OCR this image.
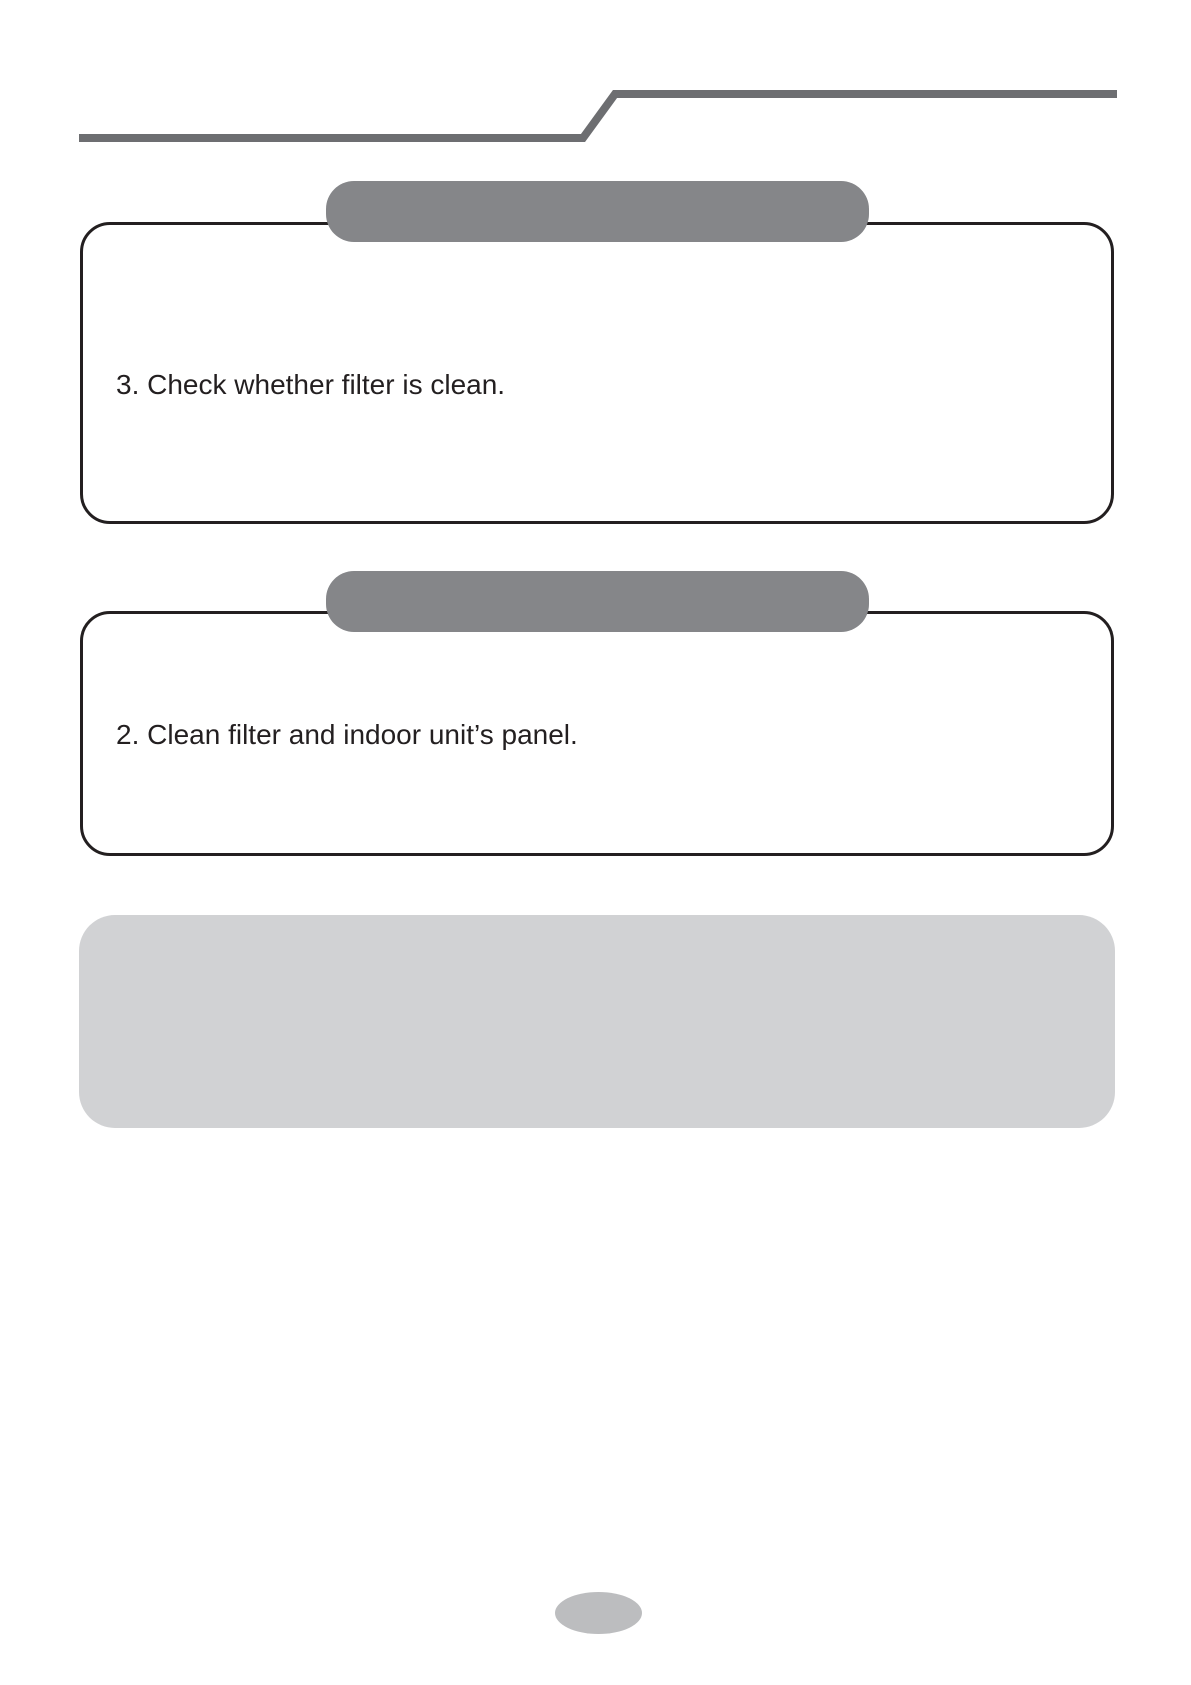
3. Check whether filter is clean.

2. Clean filter and indoor unit’s panel.
